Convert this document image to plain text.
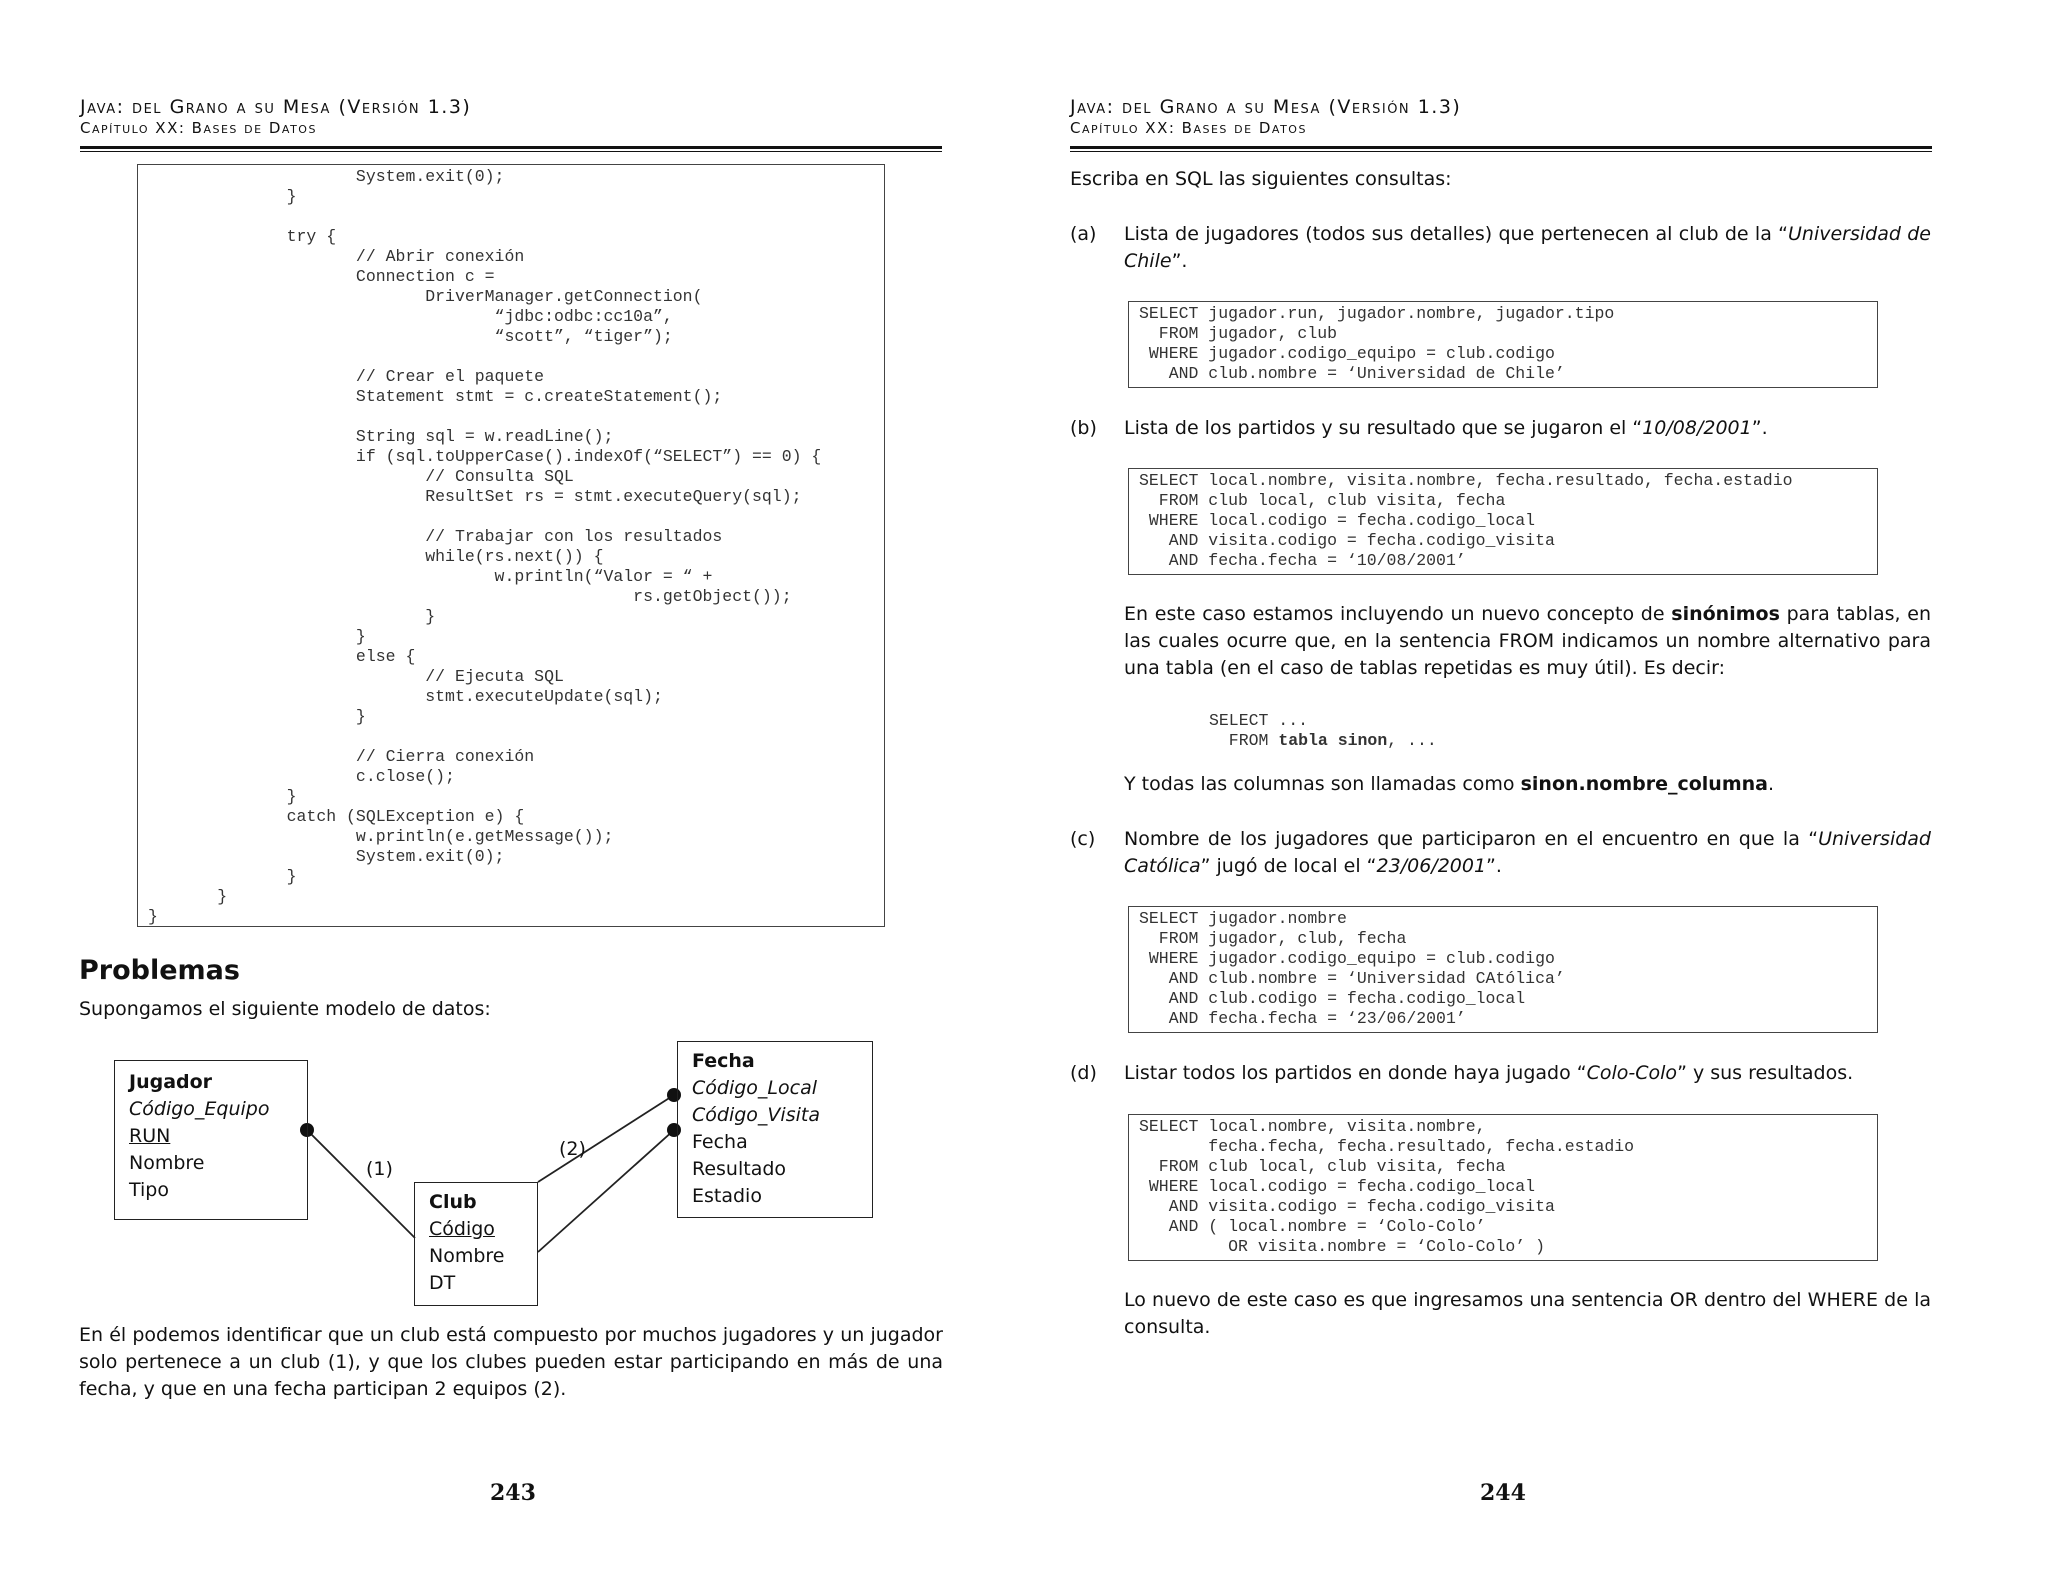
Java: del Grano a su Mesa (Versión 1.3)
Capítulo XX: Bases de Datos
System.exit(0);
}

try {
// Abrir conexión
Connection c =
DriverManager.getConnection(
“jdbc:odbc:cc10a”,
“scott”, “tiger”);

// Crear el paquete
Statement stmt = c.createStatement();

String sql = w.readLine();
if (sql.toUpperCase().indexOf(“SELECT”) == 0) {
// Consulta SQL
ResultSet rs = stmt.executeQuery(sql);

// Trabajar con los resultados
while(rs.next()) {
w.println(“Valor = “ +
rs.getObject());
}
}
else {
// Ejecuta SQL
stmt.executeUpdate(sql);
}

// Cierra conexión
c.close();
}
catch (SQLException e) {
w.println(e.getMessage());
System.exit(0);
}
}
}
Problemas
Supongamos el siguiente modelo de datos:
Jugador
Código_Equipo
RUN
Nombre
Tipo
Club
Código
Nombre
DT
Fecha
Código_Local
Código_Visita
Fecha
Resultado
Estadio
(1)
(2)
En él podemos identificar que un club está compuesto por muchos jugadores y un jugador solo pertenece a un club (1), y que los clubes pueden estar participando en más de una fecha, y que en una fecha participan 2 equipos (2).
243
Java: del Grano a su Mesa (Versión 1.3)
Capítulo XX: Bases de Datos
Escriba en SQL las siguientes consultas:
(a) Lista de jugadores (todos sus detalles) que pertenecen al club de la “Universidad de Chile”.
SELECT jugador.run, jugador.nombre, jugador.tipo
FROM jugador, club
WHERE jugador.codigo_equipo = club.codigo
AND club.nombre = ‘Universidad de Chile’
(b) Lista de los partidos y su resultado que se jugaron el “10/08/2001”.
SELECT local.nombre, visita.nombre, fecha.resultado, fecha.estadio
FROM club local, club visita, fecha
WHERE local.codigo = fecha.codigo_local
AND visita.codigo = fecha.codigo_visita
AND fecha.fecha = ‘10/08/2001’
En este caso estamos incluyendo un nuevo concepto de sinónimos para tablas, en las cuales ocurre que, en la sentencia FROM indicamos un nombre alternativo para una tabla (en el caso de tablas repetidas es muy útil). Es decir:
SELECT ...
FROM tabla sinon, ...
Y todas las columnas son llamadas como sinon.nombre_columna.
(c) Nombre de los jugadores que participaron en el encuentro en que la “Universidad Católica” jugó de local el “23/06/2001”.
SELECT jugador.nombre
FROM jugador, club, fecha
WHERE jugador.codigo_equipo = club.codigo
AND club.nombre = ‘Universidad CAtólica’
AND club.codigo = fecha.codigo_local
AND fecha.fecha = ‘23/06/2001’
(d) Listar todos los partidos en donde haya jugado “Colo-Colo” y sus resultados.
SELECT local.nombre, visita.nombre,
fecha.fecha, fecha.resultado, fecha.estadio
FROM club local, club visita, fecha
WHERE local.codigo = fecha.codigo_local
AND visita.codigo = fecha.codigo_visita
AND ( local.nombre = ‘Colo-Colo’
OR visita.nombre = ‘Colo-Colo’ )
Lo nuevo de este caso es que ingresamos una sentencia OR dentro del WHERE de la consulta.
244
